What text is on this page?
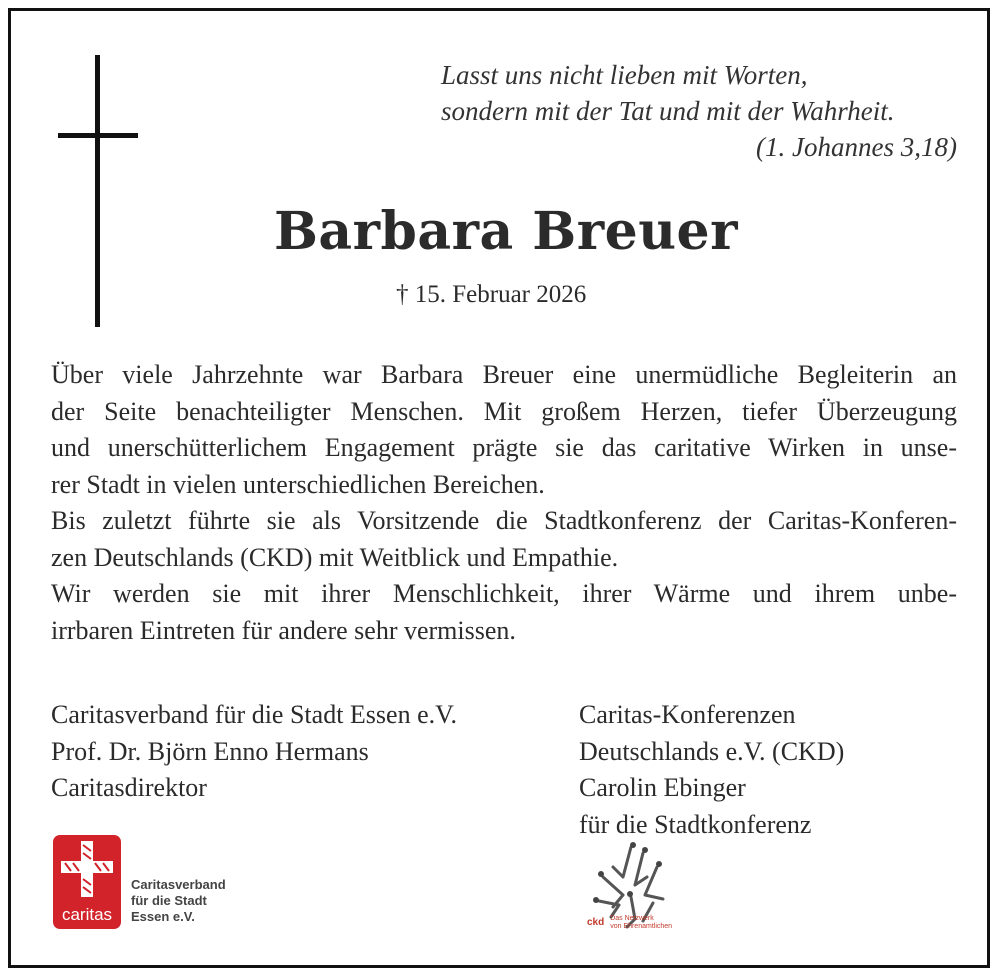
Lasst uns nicht lieben mit Worten,
sondern mit der Tat und mit der Wahrheit.
(1. Johannes 3,18)
Barbara Breuer
† 15. Februar 2026
Über viele Jahrzehnte war Barbara Breuer eine unermüdliche Begleiterin an
der Seite benachteiligter Menschen. Mit großem Herzen, tiefer Überzeugung
und unerschütterlichem Engagement prägte sie das caritative Wirken in unse-
rer Stadt in vielen unterschiedlichen Bereichen.
Bis zuletzt führte sie als Vorsitzende die Stadtkonferenz der Caritas-Konferen-
zen Deutschlands (CKD) mit Weitblick und Empathie.
Wir werden sie mit ihrer Menschlichkeit, ihrer Wärme und ihrem unbe-
irrbaren Eintreten für andere sehr vermissen.
Caritasverband für die Stadt Essen e.V.
Prof. Dr. Björn Enno Hermans
Caritasdirektor
Caritas-Konferenzen
Deutschlands e.V. (CKD)
Carolin Ebinger
für die Stadtkonferenz
caritas
Caritasverband
für die Stadt
Essen e.V.	ckd Das Netzwerk
von Ehrenamtlichen
